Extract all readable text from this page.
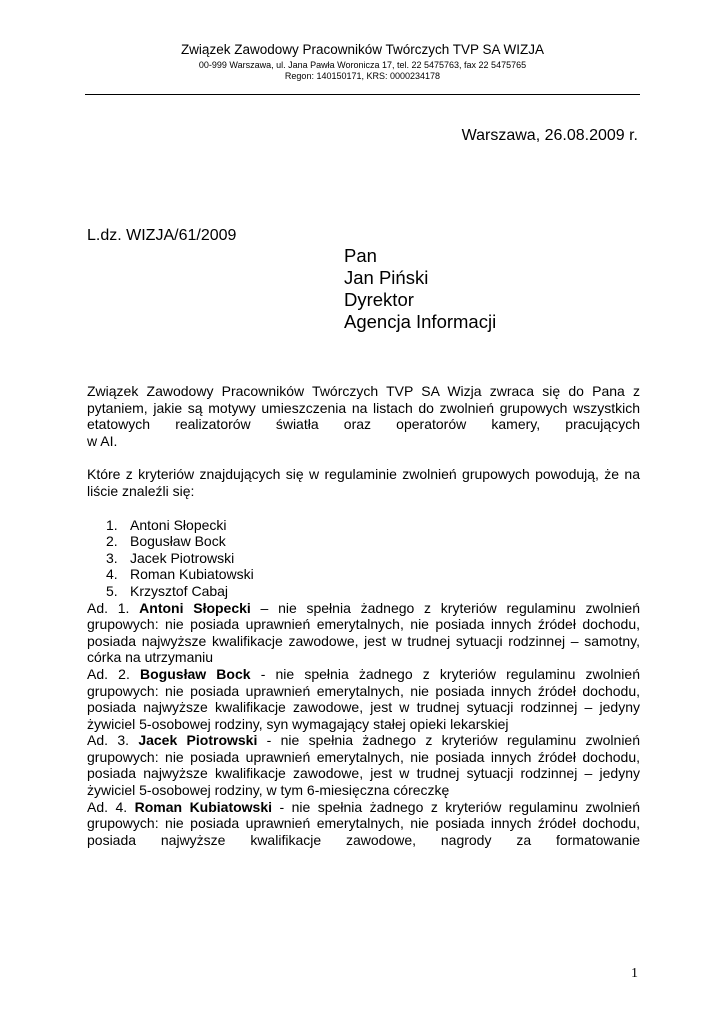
Związek Zawodowy Pracowników Twórczych TVP SA WIZJA
00-999 Warszawa, ul. Jana Pawła Woronicza 17, tel. 22 5475763, fax 22 5475765
Regon: 140150171, KRS: 0000234178
Warszawa, 26.08.2009 r.
L.dz. WIZJA/61/2009
Pan
Jan Piński
Dyrektor
Agencja Informacji

Związek Zawodowy Pracowników Twórczych TVP SA Wizja zwraca się do Pana z pytaniem, jakie są motywy umieszczenia na listach do zwolnień grupowych wszystkich etatowych realizatorów światła oraz operatorów kamery, pracujących

w AI.

Które z kryteriów znajdujących się w regulaminie zwolnień grupowych powodują, że na liście znaleźli się:

1. Antoni Słopecki
2. Bogusław Bock
3. Jacek Piotrowski
4. Roman Kubiatowski
5. Krzysztof Cabaj

Ad. 1. Antoni Słopecki – nie spełnia żadnego z kryteriów regulaminu zwolnień grupowych: nie posiada uprawnień emerytalnych, nie posiada innych źródeł dochodu, posiada najwyższe kwalifikacje zawodowe, jest w trudnej sytuacji rodzinnej – samotny, córka na utrzymaniu

Ad. 2. Bogusław Bock - nie spełnia żadnego z kryteriów regulaminu zwolnień grupowych: nie posiada uprawnień emerytalnych, nie posiada innych źródeł dochodu, posiada najwyższe kwalifikacje zawodowe, jest w trudnej sytuacji rodzinnej – jedyny żywiciel 5-osobowej rodziny, syn wymagający stałej opieki lekarskiej

Ad. 3. Jacek Piotrowski - nie spełnia żadnego z kryteriów regulaminu zwolnień grupowych: nie posiada uprawnień emerytalnych, nie posiada innych źródeł dochodu, posiada najwyższe kwalifikacje zawodowe, jest w trudnej sytuacji rodzinnej – jedyny żywiciel 5-osobowej rodziny, w tym 6-miesięczna córeczkę

Ad. 4. Roman Kubiatowski - nie spełnia żadnego z kryteriów regulaminu zwolnień grupowych: nie posiada uprawnień emerytalnych, nie posiada innych źródeł dochodu, posiada najwyższe kwalifikacje zawodowe, nagrody za formatowanie

1
